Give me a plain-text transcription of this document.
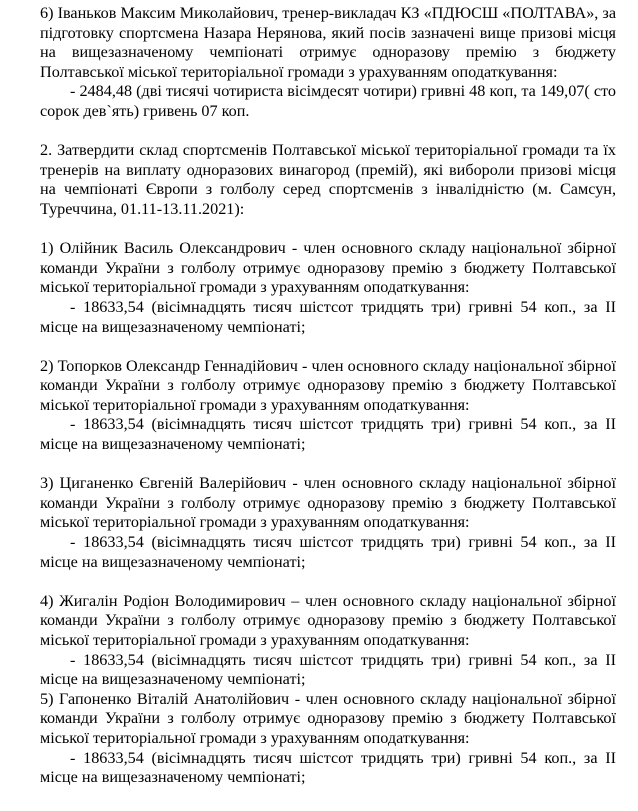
6) Іваньков Максим Миколайович, тренер-викладач КЗ «ПДЮСШ «ПОЛТАВА», за підготовку спортсмена Назара Нерянова, який посів зазначені вище призові місця на вищезазначеному чемпіонаті отримує одноразову премію з бюджету Полтавської міської територіальної громади з урахуванням оподаткування:

- 2484,48 (дві тисячі чотириста вісімдесят чотири) гривні 48 коп, та 149,07( сто сорок дев`ять) гривень 07 коп.

2. Затвердити склад спортсменів Полтавської міської територіальної громади та їх тренерів на виплату одноразових винагород (премій), які вибороли призові місця на чемпіонаті Європи з голболу серед спортсменів з інвалідністю (м. Самсун, Туреччина, 01.11-13.11.2021):

1) Олійник Василь Олександрович - член основного складу національної збірної команди України з голболу отримує одноразову премію з бюджету Полтавської міської територіальної громади з урахуванням оподаткування:

- 18633,54 (вісімнадцять тисяч шістсот тридцять три) гривні 54 коп., за ІІ місце на вищезазначеному чемпіонаті;

2) Топорков Олександр Геннадійович - член основного складу національної збірної команди України з голболу отримує одноразову премію з бюджету Полтавської міської територіальної громади з урахуванням оподаткування:

- 18633,54 (вісімнадцять тисяч шістсот тридцять три) гривні 54 коп., за ІІ місце на вищезазначеному чемпіонаті;

3) Циганенко Євгеній Валерійович - член основного складу національної збірної команди України з голболу отримує одноразову премію з бюджету Полтавської міської територіальної громади з урахуванням оподаткування:

- 18633,54 (вісімнадцять тисяч шістсот тридцять три) гривні 54 коп., за ІІ місце на вищезазначеному чемпіонаті;

4) Жигалін Родіон Володимирович – член основного складу національної збірної команди України з голболу отримує одноразову премію з бюджету Полтавської міської територіальної громади з урахуванням оподаткування:

- 18633,54 (вісімнадцять тисяч шістсот тридцять три) гривні 54 коп., за ІІ місце на вищезазначеному чемпіонаті;

5) Гапоненко Віталій Анатолійович - член основного складу національної збірної команди України з голболу отримує одноразову премію з бюджету Полтавської міської територіальної громади з урахуванням оподаткування:

- 18633,54 (вісімнадцять тисяч шістсот тридцять три) гривні 54 коп., за ІІ місце на вищезазначеному чемпіонаті;
